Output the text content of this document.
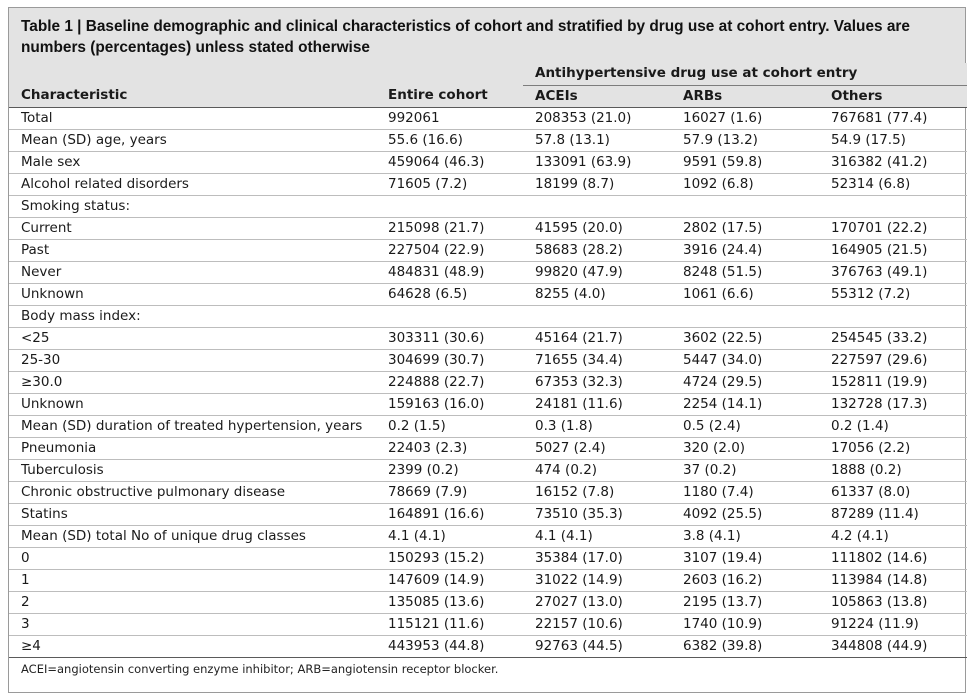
Table 1 | Baseline demographic and clinical characteristics of cohort and stratified by drug use at cohort entry. Values are numbers (percentages) unless stated otherwise
		Antihypertensive drug use at cohort entry		
Characteristic	Entire cohort	ACEIs	ARBs	Others
Total	992061	208353 (21.0)	16027 (1.6)	767681 (77.4)
Mean (SD) age, years	55.6 (16.6)	57.8 (13.1)	57.9 (13.2)	54.9 (17.5)
Male sex	459064 (46.3)	133091 (63.9)	9591 (59.8)	316382 (41.2)
Alcohol related disorders	71605 (7.2)	18199 (8.7)	1092 (6.8)	52314 (6.8)
Smoking status:				
Current	215098 (21.7)	41595 (20.0)	2802 (17.5)	170701 (22.2)
Past	227504 (22.9)	58683 (28.2)	3916 (24.4)	164905 (21.5)
Never	484831 (48.9)	99820 (47.9)	8248 (51.5)	376763 (49.1)
Unknown	64628 (6.5)	8255 (4.0)	1061 (6.6)	55312 (7.2)
Body mass index:				
<25	303311 (30.6)	45164 (21.7)	3602 (22.5)	254545 (33.2)
25-30	304699 (30.7)	71655 (34.4)	5447 (34.0)	227597 (29.6)
≥30.0	224888 (22.7)	67353 (32.3)	4724 (29.5)	152811 (19.9)
Unknown	159163 (16.0)	24181 (11.6)	2254 (14.1)	132728 (17.3)
Mean (SD) duration of treated hypertension, years	0.2 (1.5)	0.3 (1.8)	0.5 (2.4)	0.2 (1.4)
Pneumonia	22403 (2.3)	5027 (2.4)	320 (2.0)	17056 (2.2)
Tuberculosis	2399 (0.2)	474 (0.2)	37 (0.2)	1888 (0.2)
Chronic obstructive pulmonary disease	78669 (7.9)	16152 (7.8)	1180 (7.4)	61337 (8.0)
Statins	164891 (16.6)	73510 (35.3)	4092 (25.5)	87289 (11.4)
Mean (SD) total No of unique drug classes	4.1 (4.1)	4.1 (4.1)	3.8 (4.1)	4.2 (4.1)
0	150293 (15.2)	35384 (17.0)	3107 (19.4)	111802 (14.6)
1	147609 (14.9)	31022 (14.9)	2603 (16.2)	113984 (14.8)
2	135085 (13.6)	27027 (13.0)	2195 (13.7)	105863 (13.8)
3	115121 (11.6)	22157 (10.6)	1740 (10.9)	91224 (11.9)
≥4	443953 (44.8)	92763 (44.5)	6382 (39.8)	344808 (44.9)
ACEI=angiotensin converting enzyme inhibitor; ARB=angiotensin receptor blocker.
